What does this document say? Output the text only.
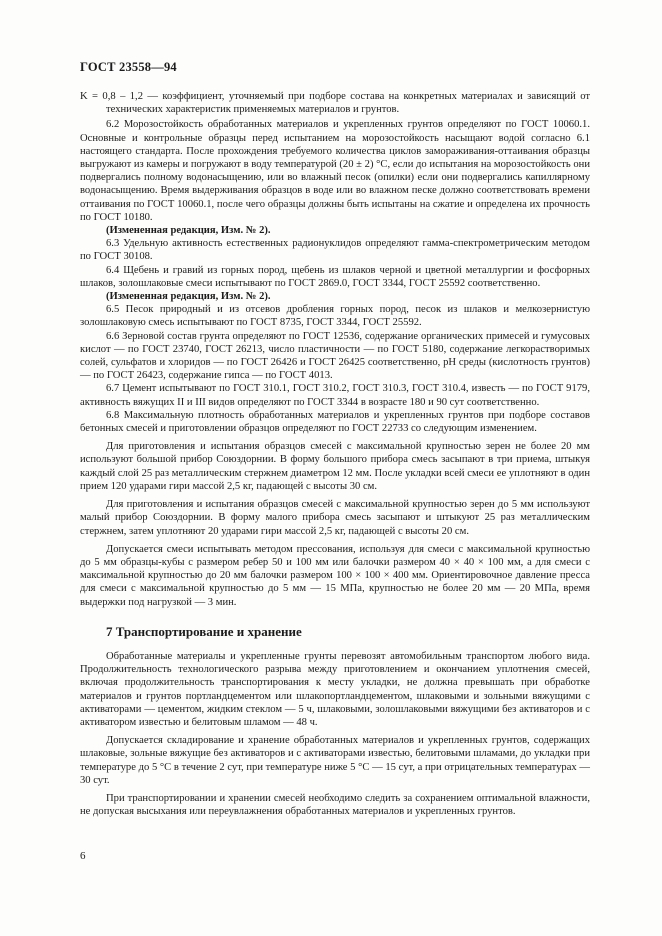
ГОСТ 23558—94

K = 0,8 – 1,2 — коэффициент, уточняемый при подборе состава на конкретных материалах и зависящий от технических характеристик применяемых материалов и грунтов.

6.2 Морозостойкость обработанных материалов и укрепленных грунтов определяют по ГОСТ 10060.1. Основные и контрольные образцы перед испытанием на морозостойкость насыщают водой согласно 6.1 настоящего стандарта. После прохождения требуемого количества циклов замораживания-оттаивания образцы выгружают из камеры и погружают в воду температурой (20 ± 2) °С, если до испытания на морозостойкость они подвергались полному водонасыщению, или во влажный песок (опилки) если они подвергались капиллярному водонасыщению. Время выдерживания образцов в воде или во влажном песке должно соответствовать времени оттаивания по ГОСТ 10060.1, после чего образцы должны быть испытаны на сжатие и определена их прочность по ГОСТ 10180.

(Измененная редакция, Изм. № 2).

6.3 Удельную активность естественных радионуклидов определяют гамма-спектрометрическим методом по ГОСТ 30108.

6.4 Щебень и гравий из горных пород, щебень из шлаков черной и цветной металлургии и фосфорных шлаков, золошлаковые смеси испытывают по ГОСТ 2869.0, ГОСТ 3344, ГОСТ 25592 соответственно.

(Измененная редакция, Изм. № 2).

6.5 Песок природный и из отсевов дробления горных пород, песок из шлаков и мелкозернистую золошлаковую смесь испытывают по ГОСТ 8735, ГОСТ 3344, ГОСТ 25592.

6.6 Зерновой состав грунта определяют по ГОСТ 12536, содержание органических примесей и гумусовых кислот — по ГОСТ 23740, ГОСТ 26213, число пластичности — по ГОСТ 5180, содержание легкорастворимых солей, сульфатов и хлоридов — по ГОСТ 26426 и ГОСТ 26425 соответственно, pH среды (кислотность грунтов) — по ГОСТ 26423, содержание гипса — по ГОСТ 4013.

6.7 Цемент испытывают по ГОСТ 310.1, ГОСТ 310.2, ГОСТ 310.3, ГОСТ 310.4, известь — по ГОСТ 9179, активность вяжущих II и III видов определяют по ГОСТ 3344 в возрасте 180 и 90 сут соответственно.

6.8 Максимальную плотность обработанных материалов и укрепленных грунтов при подборе составов бетонных смесей и приготовлении образцов определяют по ГОСТ 22733 со следующим изменением.

Для приготовления и испытания образцов смесей с максимальной крупностью зерен не более 20 мм используют большой прибор Союздорнии. В форму большого прибора смесь засыпают в три приема, штыкуя каждый слой 25 раз металлическим стержнем диаметром 12 мм. После укладки всей смеси ее уплотняют в один прием 120 ударами гири массой 2,5 кг, падающей с высоты 30 см.

Для приготовления и испытания образцов смесей с максимальной крупностью зерен до 5 мм используют малый прибор Союздорнии. В форму малого прибора смесь засыпают и штыкуют 25 раз металлическим стержнем, затем уплотняют 20 ударами гири массой 2,5 кг, падающей с высоты 20 см.

Допускается смеси испытывать методом прессования, используя для смеси с максимальной крупностью до 5 мм образцы-кубы с размером ребер 50 и 100 мм или балочки размером 40 × 40 × 100 мм, а для смеси с максимальной крупностью до 20 мм балочки размером 100 × 100 × 400 мм. Ориентировочное давление пресса для смеси с максимальной крупностью до 5 мм — 15 МПа, крупностью не более 20 мм — 20 МПа, время выдержки под нагрузкой — 3 мин.

7 Транспортирование и хранение

Обработанные материалы и укрепленные грунты перевозят автомобильным транспортом любого вида. Продолжительность технологического разрыва между приготовлением и окончанием уплотнения смесей, включая продолжительность транспортирования к месту укладки, не должна превышать при обработке материалов и грунтов портландцементом или шлакопортландцементом, шлаковыми и зольными вяжущими с активаторами — цементом, жидким стеклом — 5 ч, шлаковыми, золошлаковыми вяжущими без активаторов и с активатором известью и белитовым шламом — 48 ч.

Допускается складирование и хранение обработанных материалов и укрепленных грунтов, содержащих шлаковые, зольные вяжущие без активаторов и с активаторами известью, белитовыми шламами, до укладки при температуре до 5 °С в течение 2 сут, при температуре ниже 5 °С — 15 сут, а при отрицательных температурах — 30 сут.

При транспортировании и хранении смесей необходимо следить за сохранением оптимальной влажности, не допуская высыхания или переувлажнения обработанных материалов и укрепленных грунтов.

6
